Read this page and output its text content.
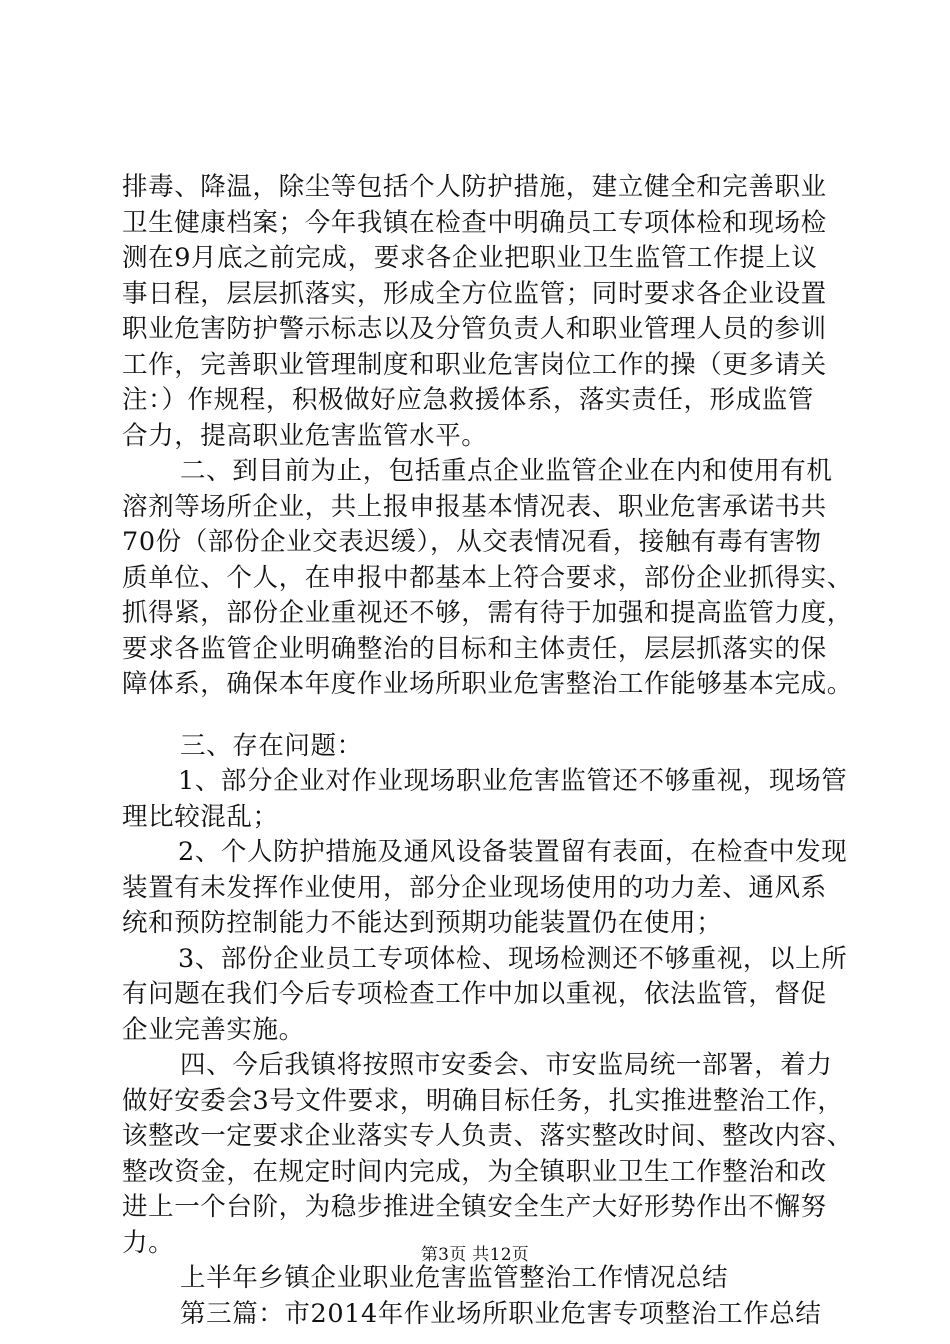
排毒、降温，除尘等包括个人防护措施，建立健全和完善职业
卫生健康档案；今年我镇在检查中明确员工专项体检和现场检
测在9月底之前完成，要求各企业把职业卫生监管工作提上议
事日程，层层抓落实，形成全方位监管；同时要求各企业设置
职业危害防护警示标志以及分管负责人和职业管理人员的参训
工作，完善职业管理制度和职业危害岗位工作的操（更多请关
注：）作规程，积极做好应急救援体系，落实责任，形成监管
合力，提高职业危害监管水平。
二、到目前为止，包括重点企业监管企业在内和使用有机
溶剂等场所企业，共上报申报基本情况表、职业危害承诺书共
70份（部份企业交表迟缓），从交表情况看，接触有毒有害物
质单位、个人，在申报中都基本上符合要求，部份企业抓得实、
抓得紧，部份企业重视还不够，需有待于加强和提高监管力度，
要求各监管企业明确整治的目标和主体责任，层层抓落实的保
障体系，确保本年度作业场所职业危害整治工作能够基本完成。
三、存在问题：
1、部分企业对作业现场职业危害监管还不够重视，现场管
理比较混乱；
2、个人防护措施及通风设备装置留有表面，在检查中发现
装置有未发挥作业使用，部分企业现场使用的功力差、通风系
统和预防控制能力不能达到预期功能装置仍在使用；
3、部份企业员工专项体检、现场检测还不够重视，以上所
有问题在我们今后专项检查工作中加以重视，依法监管，督促
企业完善实施。
四、今后我镇将按照市安委会、市安监局统一部署，着力
做好安委会3号文件要求，明确目标任务，扎实推进整治工作，
该整改一定要求企业落实专人负责、落实整改时间、整改内容、
整改资金，在规定时间内完成，为全镇职业卫生工作整治和改
进上一个台阶，为稳步推进全镇安全生产大好形势作出不懈努
力。
上半年乡镇企业职业危害监管整治工作情况总结
第三篇：市2014年作业场所职业危害专项整治工作总结
第3页 共12页
